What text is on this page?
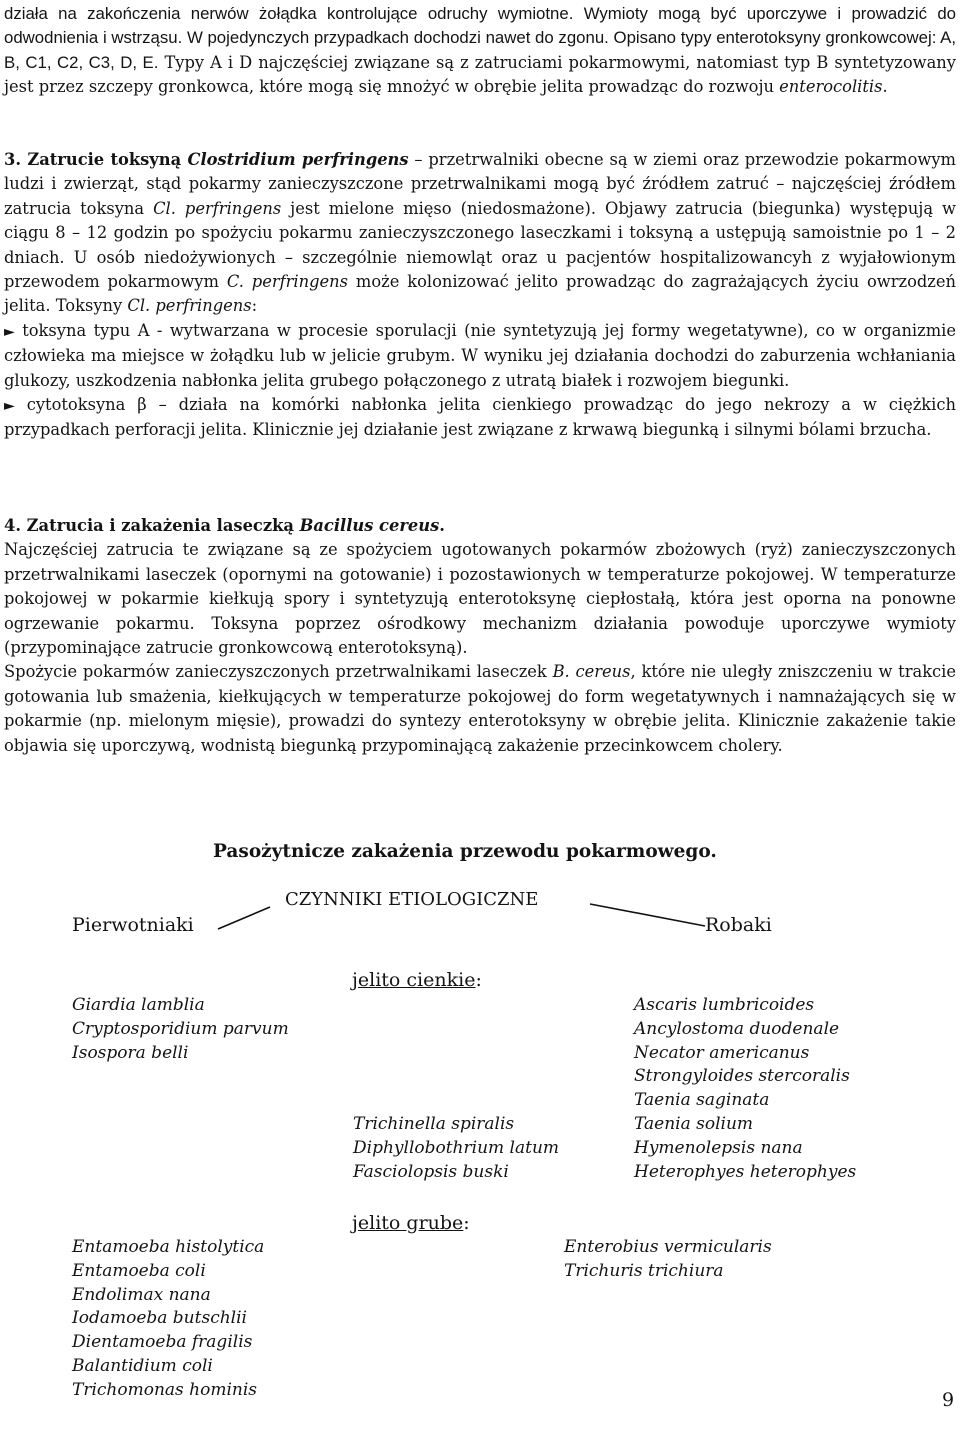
działa na zakończenia nerwów żołądka kontrolujące odruchy wymiotne. Wymioty mogą być uporczywe i prowadzić do odwodnienia i wstrząsu. W pojedynczych przypadkach dochodzi nawet do zgonu. Opisano typy enterotoksyny gronkowcowej: A, B, C1, C2, C3, D, E. Typy A i D najczęściej związane są z zatruciami pokarmowymi, natomiast typ B syntetyzowany jest przez szczepy gronkowca, które mogą się mnożyć w obrębie jelita prowadząc do rozwoju enterocolitis.

3. Zatrucie toksyną Clostridium perfringens – przetrwalniki obecne są w ziemi oraz przewodzie pokarmowym ludzi i zwierząt, stąd pokarmy zanieczyszczone przetrwalnikami mogą być źródłem zatruć – najczęściej źródłem zatrucia toksyna Cl. perfringens jest mielone mięso (niedosmażone). Objawy zatrucia (biegunka) występują w ciągu 8 – 12 godzin po spożyciu pokarmu zanieczyszczonego laseczkami i toksyną a ustępują samoistnie po 1 – 2 dniach. U osób niedożywionych – szczególnie niemowląt oraz u pacjentów hospitalizowancyh z wyjałowionym przewodem pokarmowym C. perfringens może kolonizować jelito prowadząc do zagrażających życiu owrzodzeń jelita. Toksyny Cl. perfringens:

► toksyna typu A - wytwarzana w procesie sporulacji (nie syntetyzują jej formy wegetatywne), co w organizmie człowieka ma miejsce w żołądku lub w jelicie grubym. W wyniku jej działania dochodzi do zaburzenia wchłaniania glukozy, uszkodzenia nabłonka jelita grubego połączonego z utratą białek i rozwojem biegunki.

► cytotoksyna β – działa na komórki nabłonka jelita cienkiego prowadząc do jego nekrozy a w ciężkich przypadkach perforacji jelita. Klinicznie jej działanie jest związane z krwawą biegunką i silnymi bólami brzucha.

4. Zatrucia i zakażenia laseczką Bacillus cereus.

Najczęściej zatrucia te związane są ze spożyciem ugotowanych pokarmów zbożowych (ryż) zanieczyszczonych przetrwalnikami laseczek (opornymi na gotowanie) i pozostawionych w temperaturze pokojowej. W temperaturze pokojowej w pokarmie kiełkują spory i syntetyzują enterotoksynę ciepłostałą, która jest oporna na ponowne ogrzewanie pokarmu. Toksyna poprzez ośrodkowy mechanizm działania powoduje uporczywe wymioty (przypominające zatrucie gronkowcową enterotoksyną).

Spożycie pokarmów zanieczyszczonych przetrwalnikami laseczek B. cereus, które nie uległy zniszczeniu w trakcie gotowania lub smażenia, kiełkujących w temperaturze pokojowej do form wegetatywnych i namnażających się w pokarmie (np. mielonym mięsie), prowadzi do syntezy enterotoksyny w obrębie jelita. Klinicznie zakażenie takie objawia się uporczywą, wodnistą biegunką przypominającą zakażenie przecinkowcem cholery.

Pasożytnicze zakażenia przewodu pokarmowego.
CZYNNIKI ETIOLOGICZNE
Pierwotniaki	Robaki
jelito cienkie:
Giardia lamblia
Cryptosporidium parvum
Isospora belli
Ascaris lumbricoides
Ancylostoma duodenale
Necator americanus
Strongyloides stercoralis
Taenia saginata
Taenia solium
Hymenolepsis nana
Heterophyes heterophyes
Trichinella spiralis
Diphyllobothrium latum
Fasciolopsis buski
jelito grube:
Entamoeba histolytica
Entamoeba coli
Endolimax nana
Iodamoeba butschlii
Dientamoeba fragilis
Balantidium coli
Trichomonas hominis
Enterobius vermicularis
Trichuris trichiura
9
